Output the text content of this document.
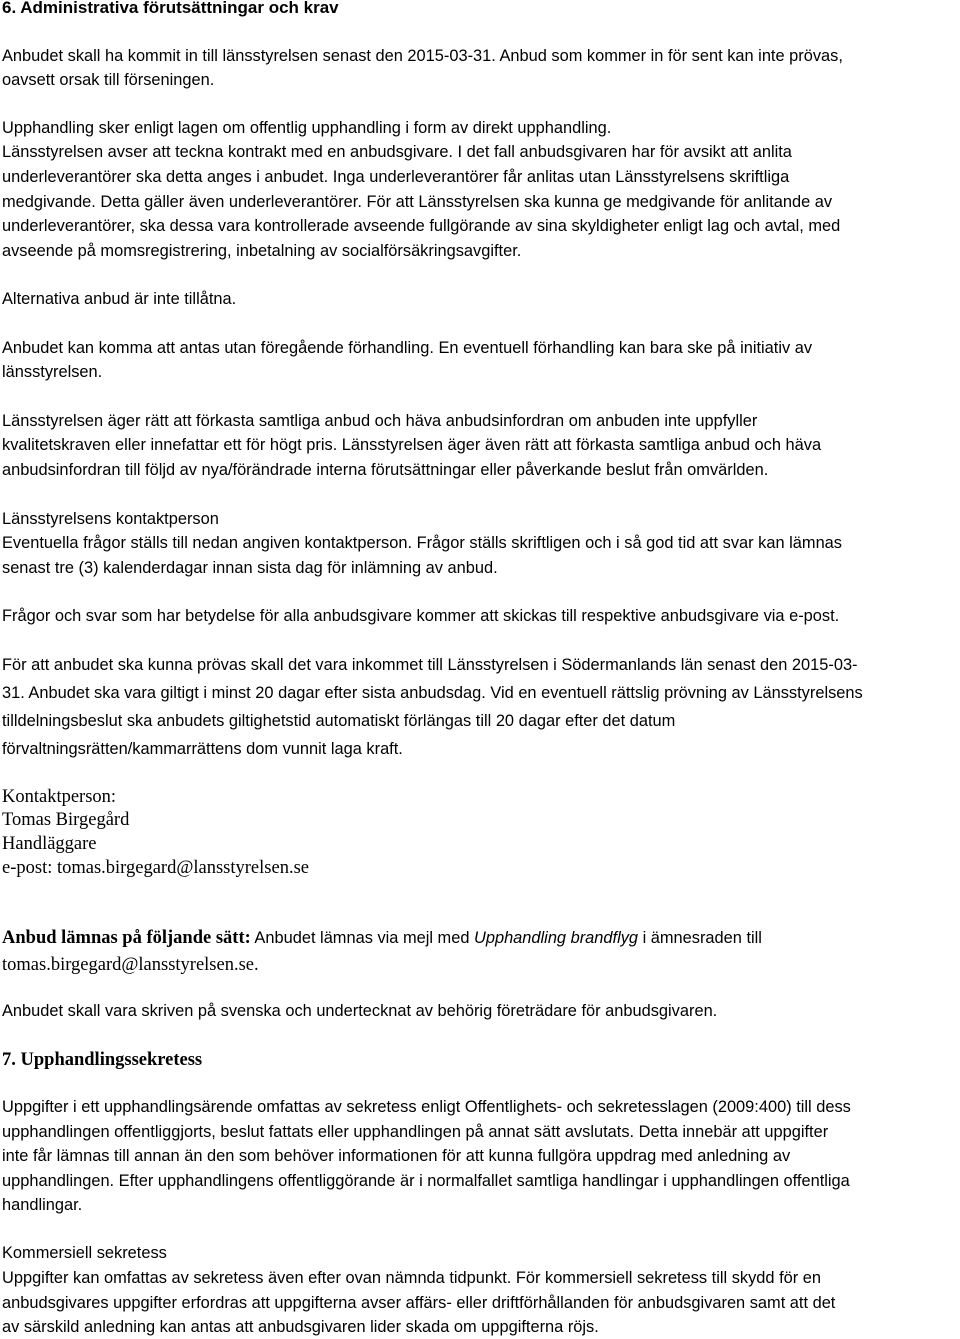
6. Administrativa förutsättningar och krav
Anbudet skall ha kommit in till länsstyrelsen senast den 2015-03-31. Anbud som kommer in för sent kan inte prövas,
oavsett orsak till förseningen.
Upphandling sker enligt lagen om offentlig upphandling i form av direkt upphandling.
Länsstyrelsen avser att teckna kontrakt med en anbudsgivare. I det fall anbudsgivaren har för avsikt att anlita
underleverantörer ska detta anges i anbudet. Inga underleverantörer får anlitas utan Länsstyrelsens skriftliga
medgivande. Detta gäller även underleverantörer. För att Länsstyrelsen ska kunna ge medgivande för anlitande av
underleverantörer, ska dessa vara kontrollerade avseende fullgörande av sina skyldigheter enligt lag och avtal, med
avseende på momsregistrering, inbetalning av socialförsäkringsavgifter.
Alternativa anbud är inte tillåtna.
Anbudet kan komma att antas utan föregående förhandling. En eventuell förhandling kan bara ske på initiativ av
länsstyrelsen.
Länsstyrelsen äger rätt att förkasta samtliga anbud och häva anbudsinfordran om anbuden inte uppfyller
kvalitetskraven eller innefattar ett för högt pris. Länsstyrelsen äger även rätt att förkasta samtliga anbud och häva
anbudsinfordran till följd av nya/förändrade interna förutsättningar eller påverkande beslut från omvärlden.
Länsstyrelsens kontaktperson
Eventuella frågor ställs till nedan angiven kontaktperson. Frågor ställs skriftligen och i så god tid att svar kan lämnas
senast tre (3) kalenderdagar innan sista dag för inlämning av anbud.
Frågor och svar som har betydelse för alla anbudsgivare kommer att skickas till respektive anbudsgivare via e-post.
För att anbudet ska kunna prövas skall det vara inkommet till Länsstyrelsen i Södermanlands län senast den 2015-03-
31. Anbudet ska vara giltigt i minst 20 dagar efter sista anbudsdag. Vid en eventuell rättslig prövning av Länsstyrelsens
tilldelningsbeslut ska anbudets giltighetstid automatiskt förlängas till 20 dagar efter det datum
förvaltningsrätten/kammarrättens dom vunnit laga kraft.
Kontaktperson:
Tomas Birgegård
Handläggare
e-post: tomas.birgegard@lansstyrelsen.se
Anbud lämnas på följande sätt: Anbudet lämnas via mejl med Upphandling brandflyg i ämnesraden till
tomas.birgegard@lansstyrelsen.se.
Anbudet skall vara skriven på svenska och undertecknat av behörig företrädare för anbudsgivaren.
7. Upphandlingssekretess
Uppgifter i ett upphandlingsärende omfattas av sekretess enligt Offentlighets- och sekretesslagen (2009:400) till dess
upphandlingen offentliggjorts, beslut fattats eller upphandlingen på annat sätt avslutats. Detta innebär att uppgifter
inte får lämnas till annan än den som behöver informationen för att kunna fullgöra uppdrag med anledning av
upphandlingen. Efter upphandlingens offentliggörande är i normalfallet samtliga handlingar i upphandlingen offentliga
handlingar.
Kommersiell sekretess
Uppgifter kan omfattas av sekretess även efter ovan nämnda tidpunkt. För kommersiell sekretess till skydd för en
anbudsgivares uppgifter erfordras att uppgifterna avser affärs- eller driftförhållanden för anbudsgivaren samt att det
av särskild anledning kan antas att anbudsgivaren lider skada om uppgifterna röjs.
